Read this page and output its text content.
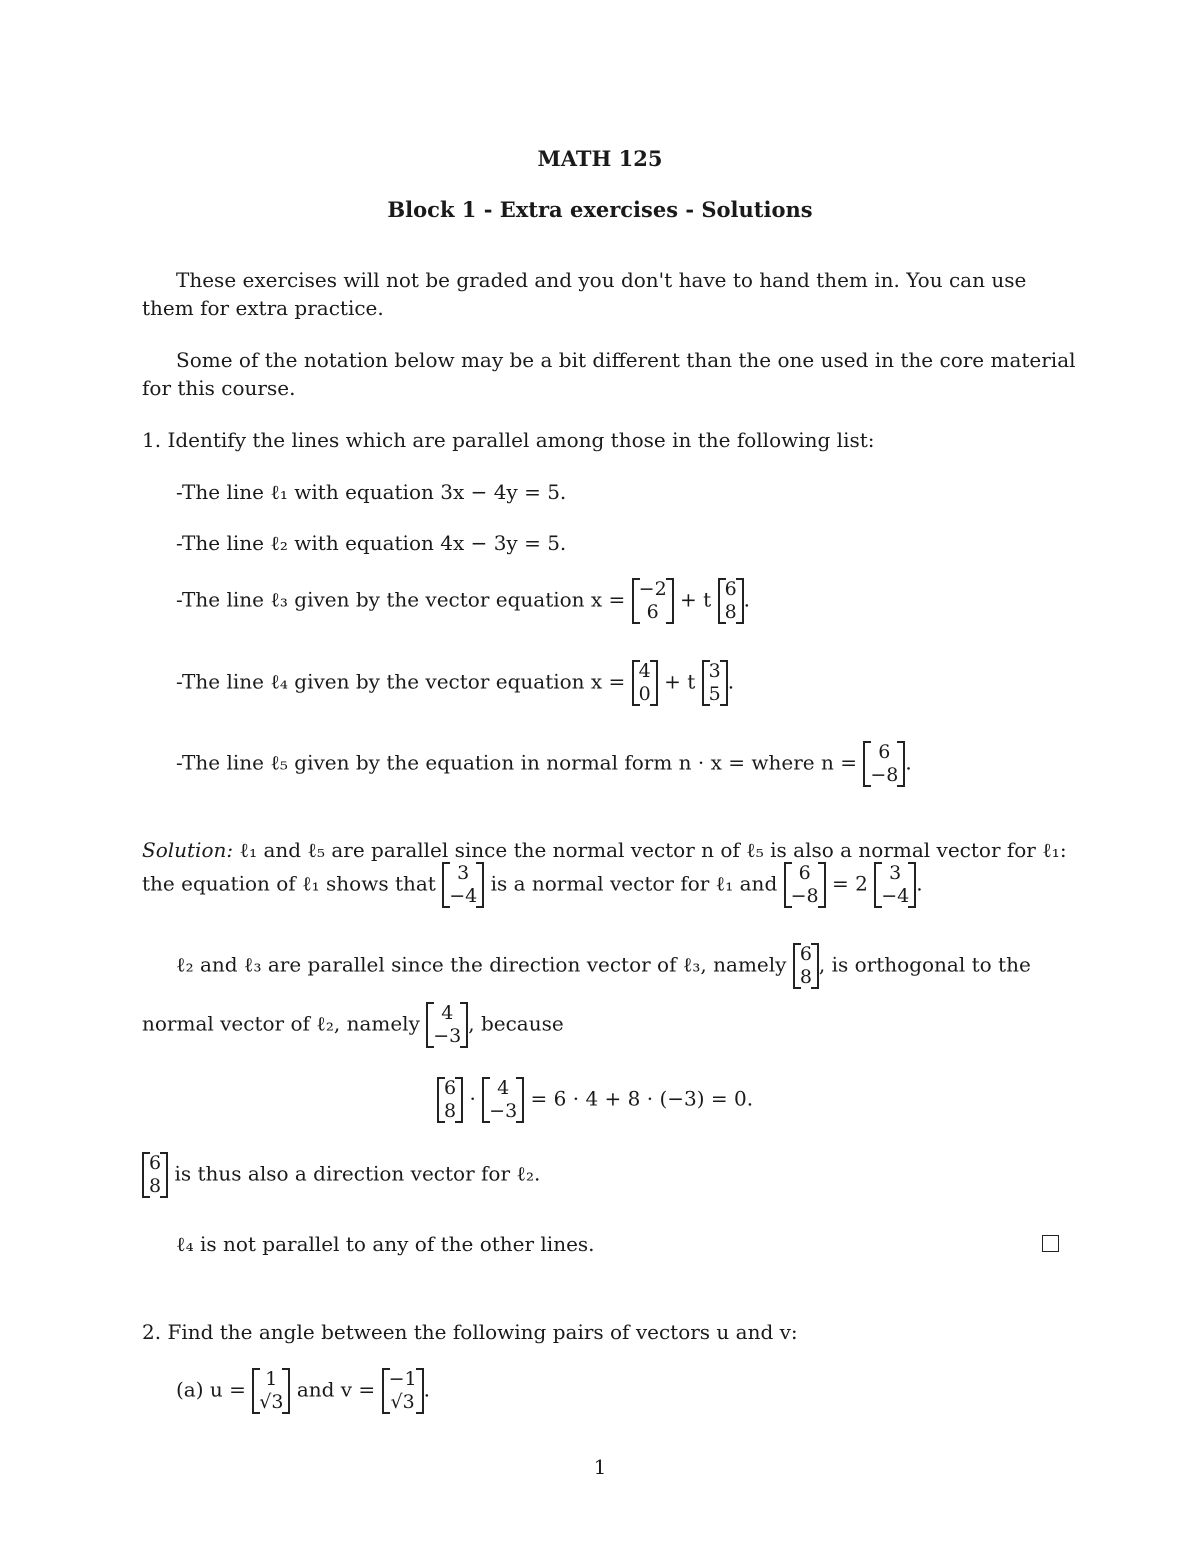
MATH 125
Block 1 - Extra exercises - Solutions
These exercises will not be graded and you don't have to hand them in. You can use
them for extra practice.
Some of the notation below may be a bit different than the one used in the core material
for this course.
1. Identify the lines which are parallel among those in the following list:
-The line ℓ₁ with equation 3x − 4y = 5.
-The line ℓ₂ with equation 4x − 3y = 5.
-The line ℓ₃ given by the vector equation x = −2
6
+ t 6
8
.
-The line ℓ₄ given by the vector equation x = 4
0
+ t 3
5
.
-The line ℓ₅ given by the equation in normal form n · x = where n =	6
−8
.
Solution: ℓ₁ and ℓ₅ are parallel since the normal vector n of ℓ₅ is also a normal vector for ℓ₁:
the equation of ℓ₁ shows that	3
−4
is a normal vector for ℓ₁ and	6
−8
= 2	3
−4
.
ℓ₂ and ℓ₃ are parallel since the direction vector of ℓ₃, namely 6
8
, is orthogonal to the
normal vector of ℓ₂, namely	4
−3
, because
6
8
·	4
−3
= 6 · 4 + 8 · (−3) = 0.
6
8
is thus also a direction vector for ℓ₂.
ℓ₄ is not parallel to any of the other lines.
2. Find the angle between the following pairs of vectors u and v:
(a) u =	1
√3
and v = −1
√3
.
1
